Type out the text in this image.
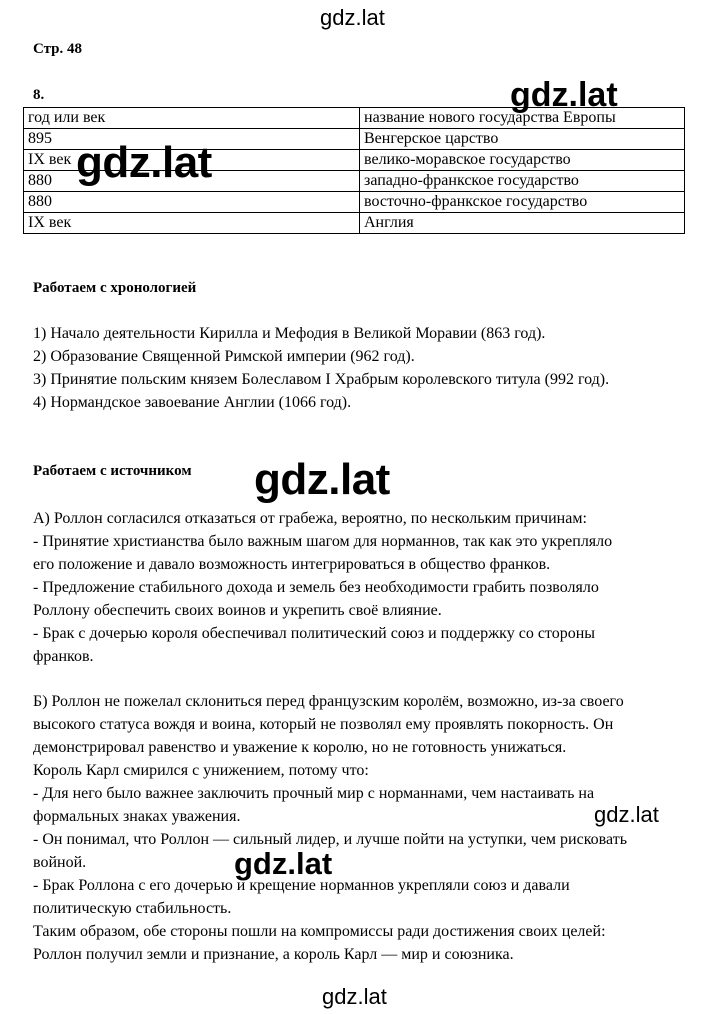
gdz.lat
Стр. 48
8.
год или век	название нового государства Европы
895	Венгерское царство
IX век	велико-моравское государство
880	западно-франкское государство
880	восточно-франкское государство
IX век	Англия
gdz.lat
gdz.lat
Работаем с хронологией
1) Начало деятельности Кирилла и Мефодия в Великой Моравии (863 год).
2) Образование Священной Римской империи (962 год).
3) Принятие польским князем Болеславом I Храбрым королевского титула (992 год).
4) Нормандское завоевание Англии (1066 год).
Работаем с источником gdz.lat
А) Роллон согласился отказаться от грабежа, вероятно, по нескольким причинам:
- Принятие христианства было важным шагом для норманнов, так как это укрепляло
его положение и давало возможность интегрироваться в общество франков.
- Предложение стабильного дохода и земель без необходимости грабить позволяло
Роллону обеспечить своих воинов и укрепить своё влияние.
- Брак с дочерью короля обеспечивал политический союз и поддержку со стороны
франков.
Б) Роллон не пожелал склониться перед французским королём, возможно, из-за своего
высокого статуса вождя и воина, который не позволял ему проявлять покорность. Он
демонстрировал равенство и уважение к королю, но не готовность унижаться.
Король Карл смирился с унижением, потому что:
- Для него было важнее заключить прочный мир с норманнами, чем настаивать на
формальных знаках уважения.
- Он понимал, что Роллон — сильный лидер, и лучше пойти на уступки, чем рисковать
войной.
- Брак Роллона с его дочерью и крещение норманнов укрепляли союз и давали
политическую стабильность.
Таким образом, обе стороны пошли на компромиссы ради достижения своих целей:
Роллон получил земли и признание, а король Карл — мир и союзника.
gdz.lat
gdz.lat
gdz.lat
